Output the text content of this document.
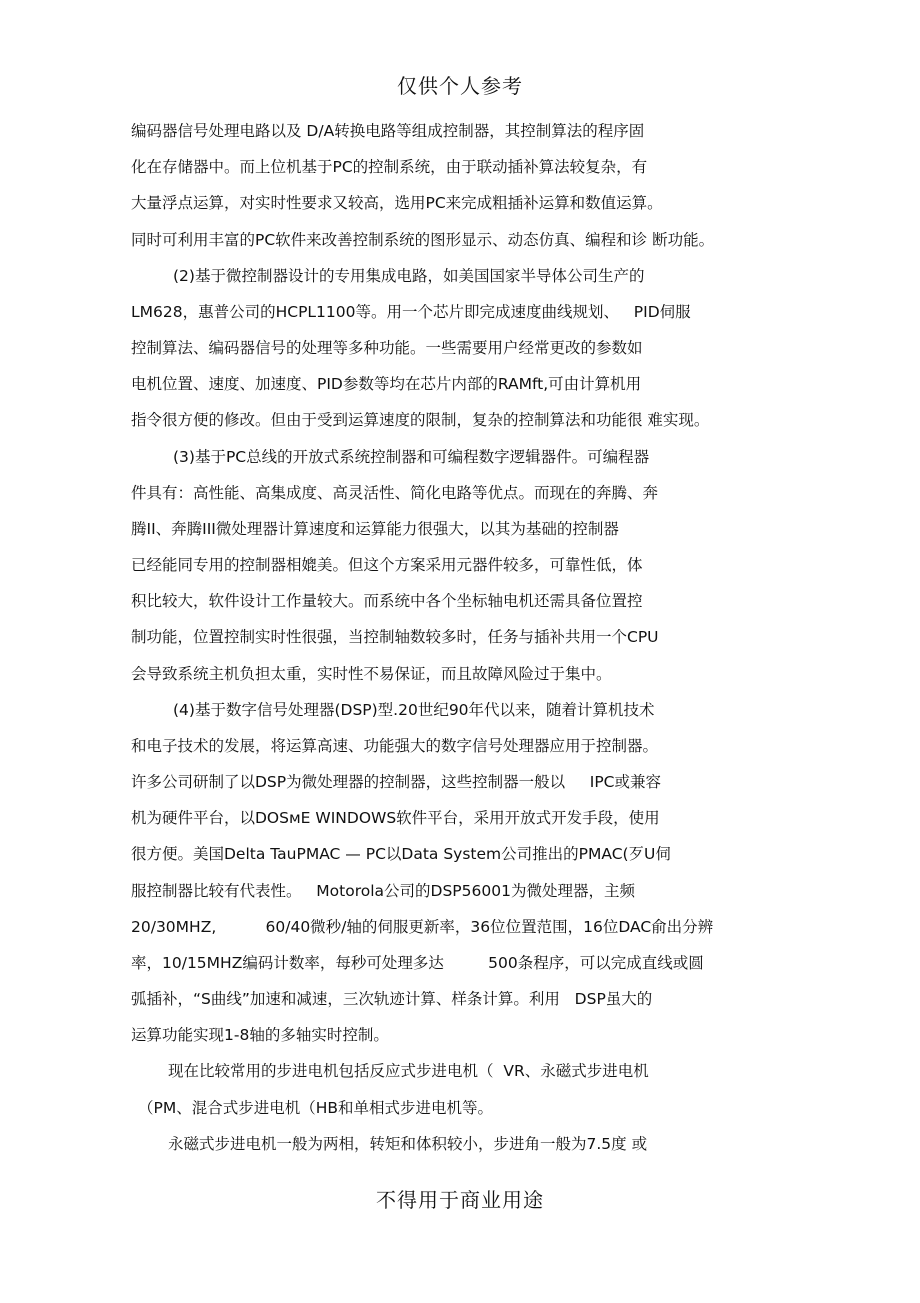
仅供个人参考
编码器信号处理电路以及 D/A转换电路等组成控制器，其控制算法的程序固
化在存储器中。而上位机基于PC的控制系统，由于联动插补算法较复杂，有
大量浮点运算，对实时性要求又较高，选用PC来完成粗插补运算和数值运算。
同时可利用丰富的PC软件来改善控制系统的图形显示、动态仿真、编程和诊 断功能。
(2)基于微控制器设计的专用集成电路，如美国国家半导体公司生产的
LM628，惠普公司的HCPL1100等。用一个芯片即完成速度曲线规划、   PID伺服
控制算法、编码器信号的处理等多种功能。一些需要用户经常更改的参数如
电机位置、速度、加速度、PID参数等均在芯片内部的RAMft,可由计算机用
指令很方便的修改。但由于受到运算速度的限制，复杂的控制算法和功能很 难实现。
(3)基于PC总线的开放式系统控制器和可编程数字逻辑器件。可编程器
件具有：高性能、高集成度、高灵活性、简化电路等优点。而现在的奔腾、奔
腾II、奔腾III微处理器计算速度和运算能力很强大，以其为基础的控制器
已经能同专用的控制器相媲美。但这个方案采用元器件较多，可靠性低，体
积比较大，软件设计工作量较大。而系统中各个坐标轴电机还需具备位置控
制功能，位置控制实时性很强，当控制轴数较多时，任务与插补共用一个CPU
会导致系统主机负担太重，实时性不易保证，而且故障风险过于集中。
(4)基于数字信号处理器(DSP)型.20世纪90年代以来，随着计算机技术
和电子技术的发展，将运算高速、功能强大的数字信号处理器应用于控制器。
许多公司研制了以DSP为微处理器的控制器，这些控制器一般以     IPC或兼容
机为硬件平台，以DOSмE WINDOWS软件平台，采用开放式开发手段，使用
很方便。美国Delta TauPMAC — PC以Data System公司推出的PMAC(歹U伺
服控制器比较有代表性。   Motorola公司的DSP56001为微处理器，主频
20/30MHZ,          60/40微秒/轴的伺服更新率，36位位置范围，16位DAC俞出分辨
率，10/15MHZ编码计数率，每秒可处理多达         500条程序，可以完成直线或圆
弧插补，“S曲线”加速和减速，三次轨迹计算、样条计算。利用   DSP虽大的
运算功能实现1-8轴的多轴实时控制。
现在比较常用的步进电机包括反应式步进电机（  VR、永磁式步进电机
（PM、混合式步进电机（HB和单相式步进电机等。
永磁式步进电机一般为两相，转矩和体积较小，步进角一般为7.5度 或
不得用于商业用途
